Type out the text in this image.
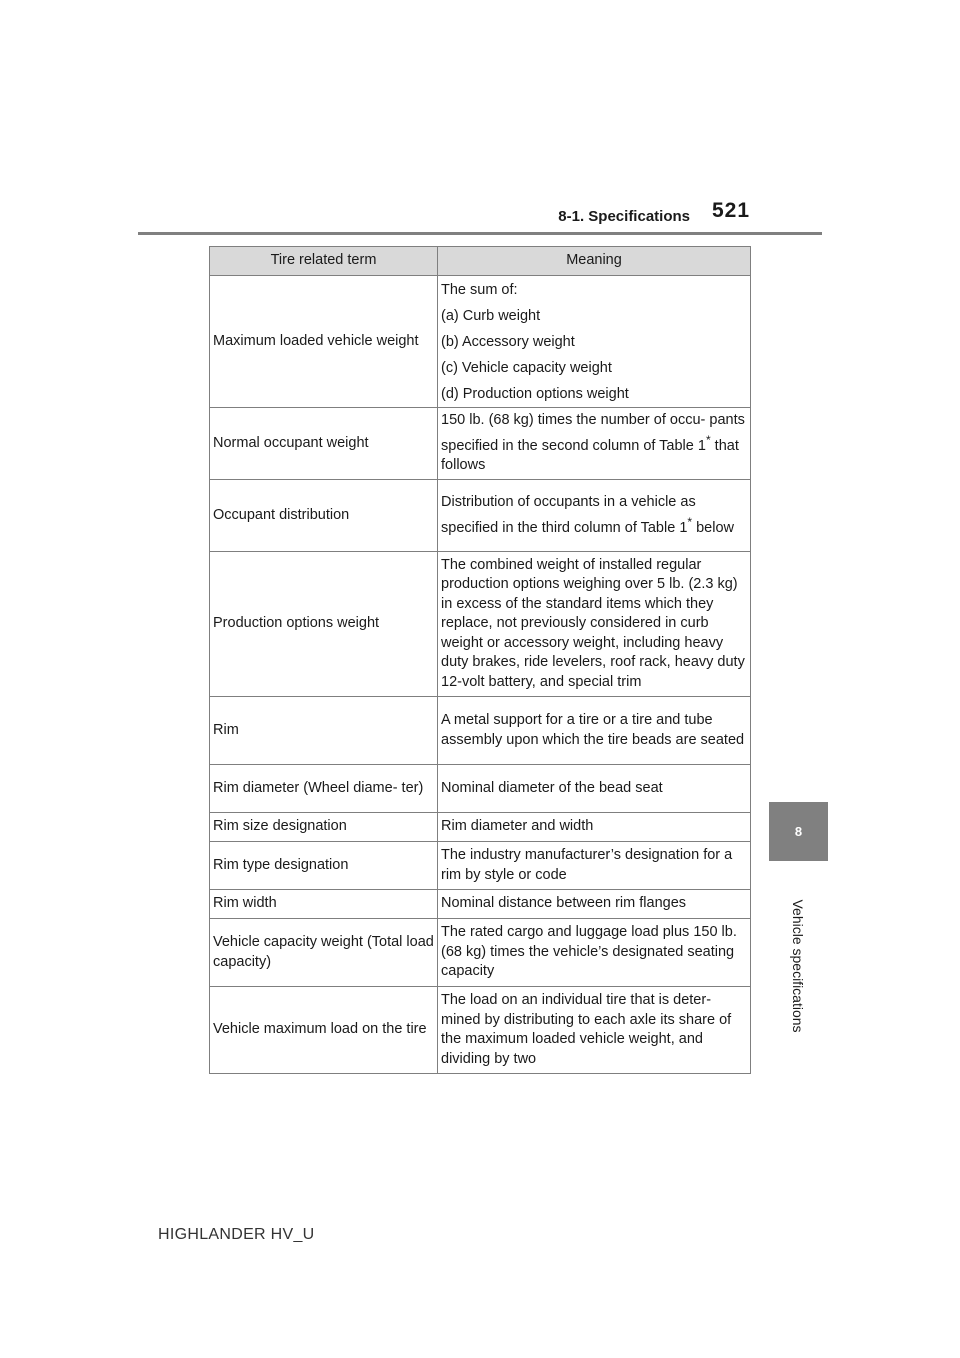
8-1. Specifications 521
8
Vehicle specifications
Tire related term	Meaning
Maximum loaded vehicle weight	The sum of:

(a) Curb weight

(b) Accessory weight

(c) Vehicle capacity weight

(d) Production options weight

Normal occupant weight	150 lb. (68 kg) times the number of occu- pants specified in the second column of Table 1* that follows
Occupant distribution	Distribution of occupants in a vehicle as specified in the third column of Table 1* below
Production options weight	The combined weight of installed regular production options weighing over 5 lb. (2.3 kg) in excess of the standard items which they replace, not previously considered in curb weight or accessory weight, including heavy duty brakes, ride levelers, roof rack, heavy duty 12-volt battery, and special trim
Rim	A metal support for a tire or a tire and tube assembly upon which the tire beads are seated
Rim diameter (Wheel diame- ter)	Nominal diameter of the bead seat
Rim size designation	Rim diameter and width
Rim type designation	The industry manufacturer’s designation for a rim by style or code
Rim width	Nominal distance between rim flanges
Vehicle capacity weight (Total load capacity)	The rated cargo and luggage load plus 150 lb. (68 kg) times the vehicle’s designated seating capacity
Vehicle maximum load on the tire	The load on an individual tire that is deter- mined by distributing to each axle its share of the maximum loaded vehicle weight, and dividing by two
HIGHLANDER HV_U
